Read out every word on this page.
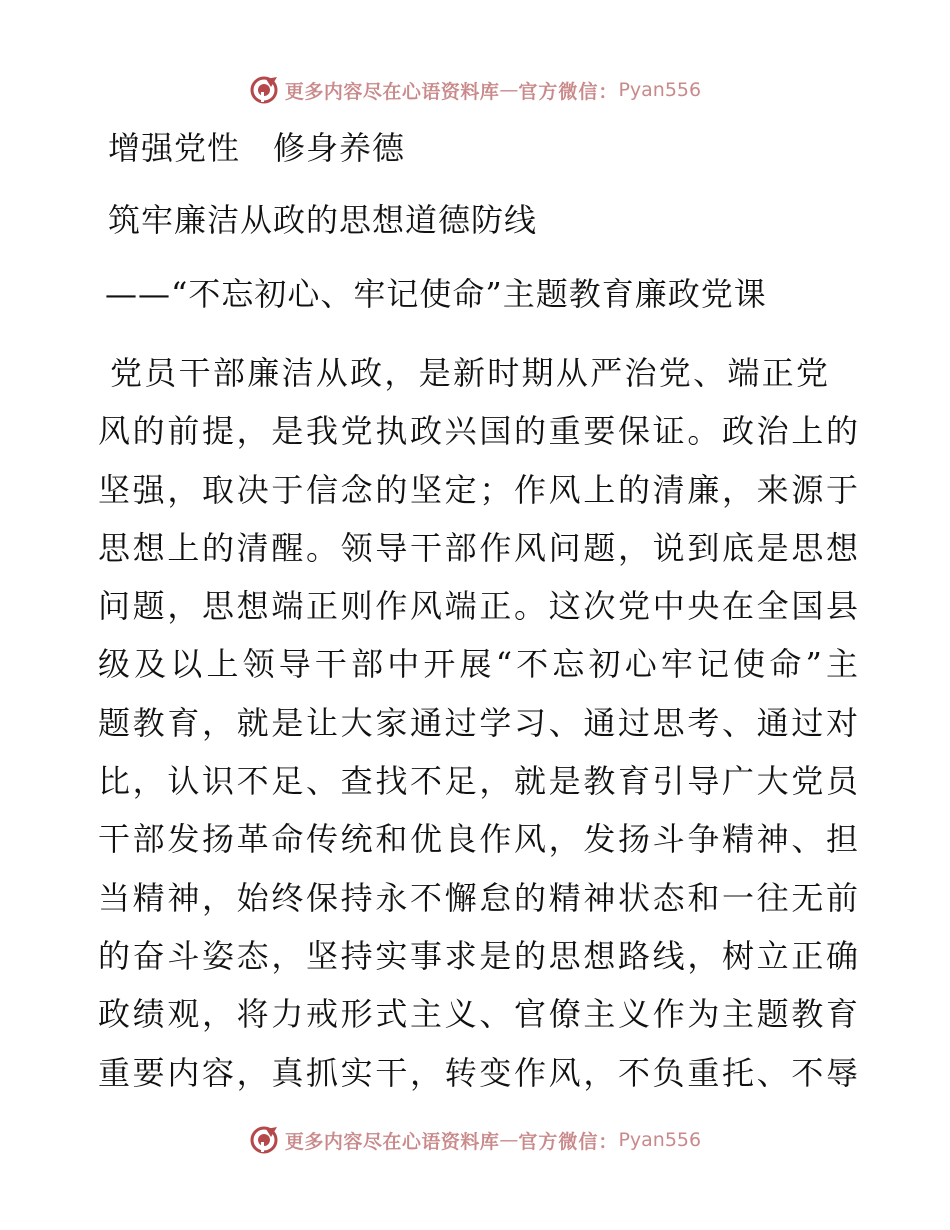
更多内容尽在心语资料库 — 官方微信： Pyan556
增强党性　修身养德
筑牢廉洁从政的思想道德防线
——“不忘初心、牢记使命”主题教育廉政党课
党员干部廉洁从政，是新时期从严治党、端正党
风的前提，是我党执政兴国的重要保证。政治上的
坚强，取决于信念的坚定；作风上的清廉，来源于
思想上的清醒。领导干部作风问题，说到底是思想
问题，思想端正则作风端正。这次党中央在全国县
级及以上领导干部中开展“不忘初心牢记使命”主
题教育，就是让大家通过学习、通过思考、通过对
比，认识不足、查找不足，就是教育引导广大党员
干部发扬革命传统和优良作风，发扬斗争精神、担
当精神，始终保持永不懈怠的精神状态和一往无前
的奋斗姿态，坚持实事求是的思想路线，树立正确
政绩观，将力戒形式主义、官僚主义作为主题教育
重要内容，真抓实干，转变作风，不负重托、不辱
更多内容尽在心语资料库 — 官方微信： Pyan556
